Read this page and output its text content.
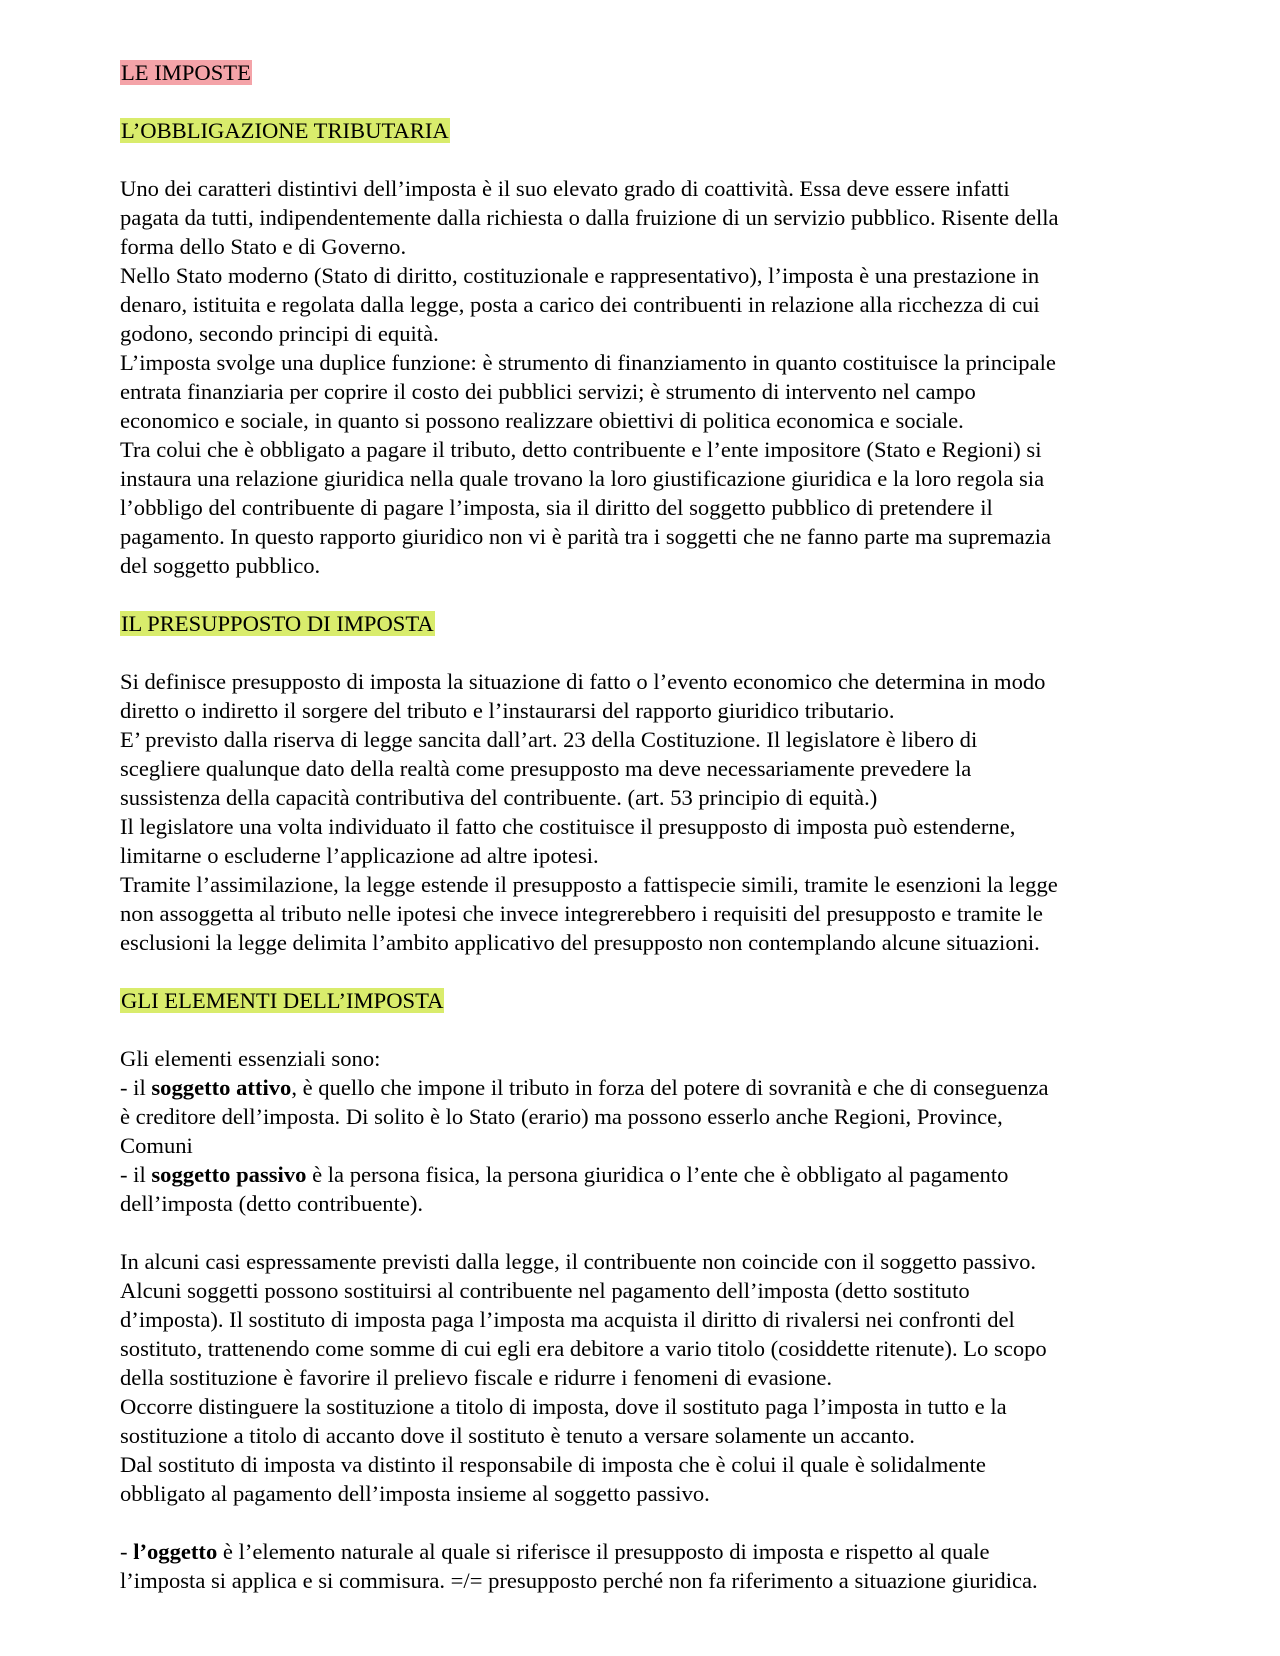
LE IMPOSTE

L’OBBLIGAZIONE TRIBUTARIA

Uno dei caratteri distintivi dell’imposta è il suo elevato grado di coattività. Essa deve essere infatti

pagata da tutti, indipendentemente dalla richiesta o dalla fruizione di un servizio pubblico. Risente della

forma dello Stato e di Governo.

Nello Stato moderno (Stato di diritto, costituzionale e rappresentativo), l’imposta è una prestazione in

denaro, istituita e regolata dalla legge, posta a carico dei contribuenti in relazione alla ricchezza di cui

godono, secondo principi di equità.

L’imposta svolge una duplice funzione: è strumento di finanziamento in quanto costituisce la principale

entrata finanziaria per coprire il costo dei pubblici servizi; è strumento di intervento nel campo

economico e sociale, in quanto si possono realizzare obiettivi di politica economica e sociale.

Tra colui che è obbligato a pagare il tributo, detto contribuente e l’ente impositore (Stato e Regioni) si

instaura una relazione giuridica nella quale trovano la loro giustificazione giuridica e la loro regola sia

l’obbligo del contribuente di pagare l’imposta, sia il diritto del soggetto pubblico di pretendere il

pagamento. In questo rapporto giuridico non vi è parità tra i soggetti che ne fanno parte ma supremazia

del soggetto pubblico.

IL PRESUPPOSTO DI IMPOSTA

Si definisce presupposto di imposta la situazione di fatto o l’evento economico che determina in modo

diretto o indiretto il sorgere del tributo e l’instaurarsi del rapporto giuridico tributario.

E’ previsto dalla riserva di legge sancita dall’art. 23 della Costituzione. Il legislatore è libero di

scegliere qualunque dato della realtà come presupposto ma deve necessariamente prevedere la

sussistenza della capacità contributiva del contribuente. (art. 53 principio di equità.)

Il legislatore una volta individuato il fatto che costituisce il presupposto di imposta può estenderne,

limitarne o escluderne l’applicazione ad altre ipotesi.

Tramite l’assimilazione, la legge estende il presupposto a fattispecie simili, tramite le esenzioni la legge

non assoggetta al tributo nelle ipotesi che invece integrerebbero i requisiti del presupposto e tramite le

esclusioni la legge delimita l’ambito applicativo del presupposto non contemplando alcune situazioni.

GLI ELEMENTI DELL’IMPOSTA

Gli elementi essenziali sono:

- il soggetto attivo, è quello che impone il tributo in forza del potere di sovranità e che di conseguenza

è creditore dell’imposta. Di solito è lo Stato (erario) ma possono esserlo anche Regioni, Province,

Comuni

- il soggetto passivo è la persona fisica, la persona giuridica o l’ente che è obbligato al pagamento

dell’imposta (detto contribuente).

In alcuni casi espressamente previsti dalla legge, il contribuente non coincide con il soggetto passivo.

Alcuni soggetti possono sostituirsi al contribuente nel pagamento dell’imposta (detto sostituto

d’imposta). Il sostituto di imposta paga l’imposta ma acquista il diritto di rivalersi nei confronti del

sostituto, trattenendo come somme di cui egli era debitore a vario titolo (cosiddette ritenute). Lo scopo

della sostituzione è favorire il prelievo fiscale e ridurre i fenomeni di evasione.

Occorre distinguere la sostituzione a titolo di imposta, dove il sostituto paga l’imposta in tutto e la

sostituzione a titolo di accanto dove il sostituto è tenuto a versare solamente un accanto.

Dal sostituto di imposta va distinto il responsabile di imposta che è colui il quale è solidalmente

obbligato al pagamento dell’imposta insieme al soggetto passivo.

- l’oggetto è l’elemento naturale al quale si riferisce il presupposto di imposta e rispetto al quale

l’imposta si applica e si commisura. =/= presupposto perché non fa riferimento a situazione giuridica.
